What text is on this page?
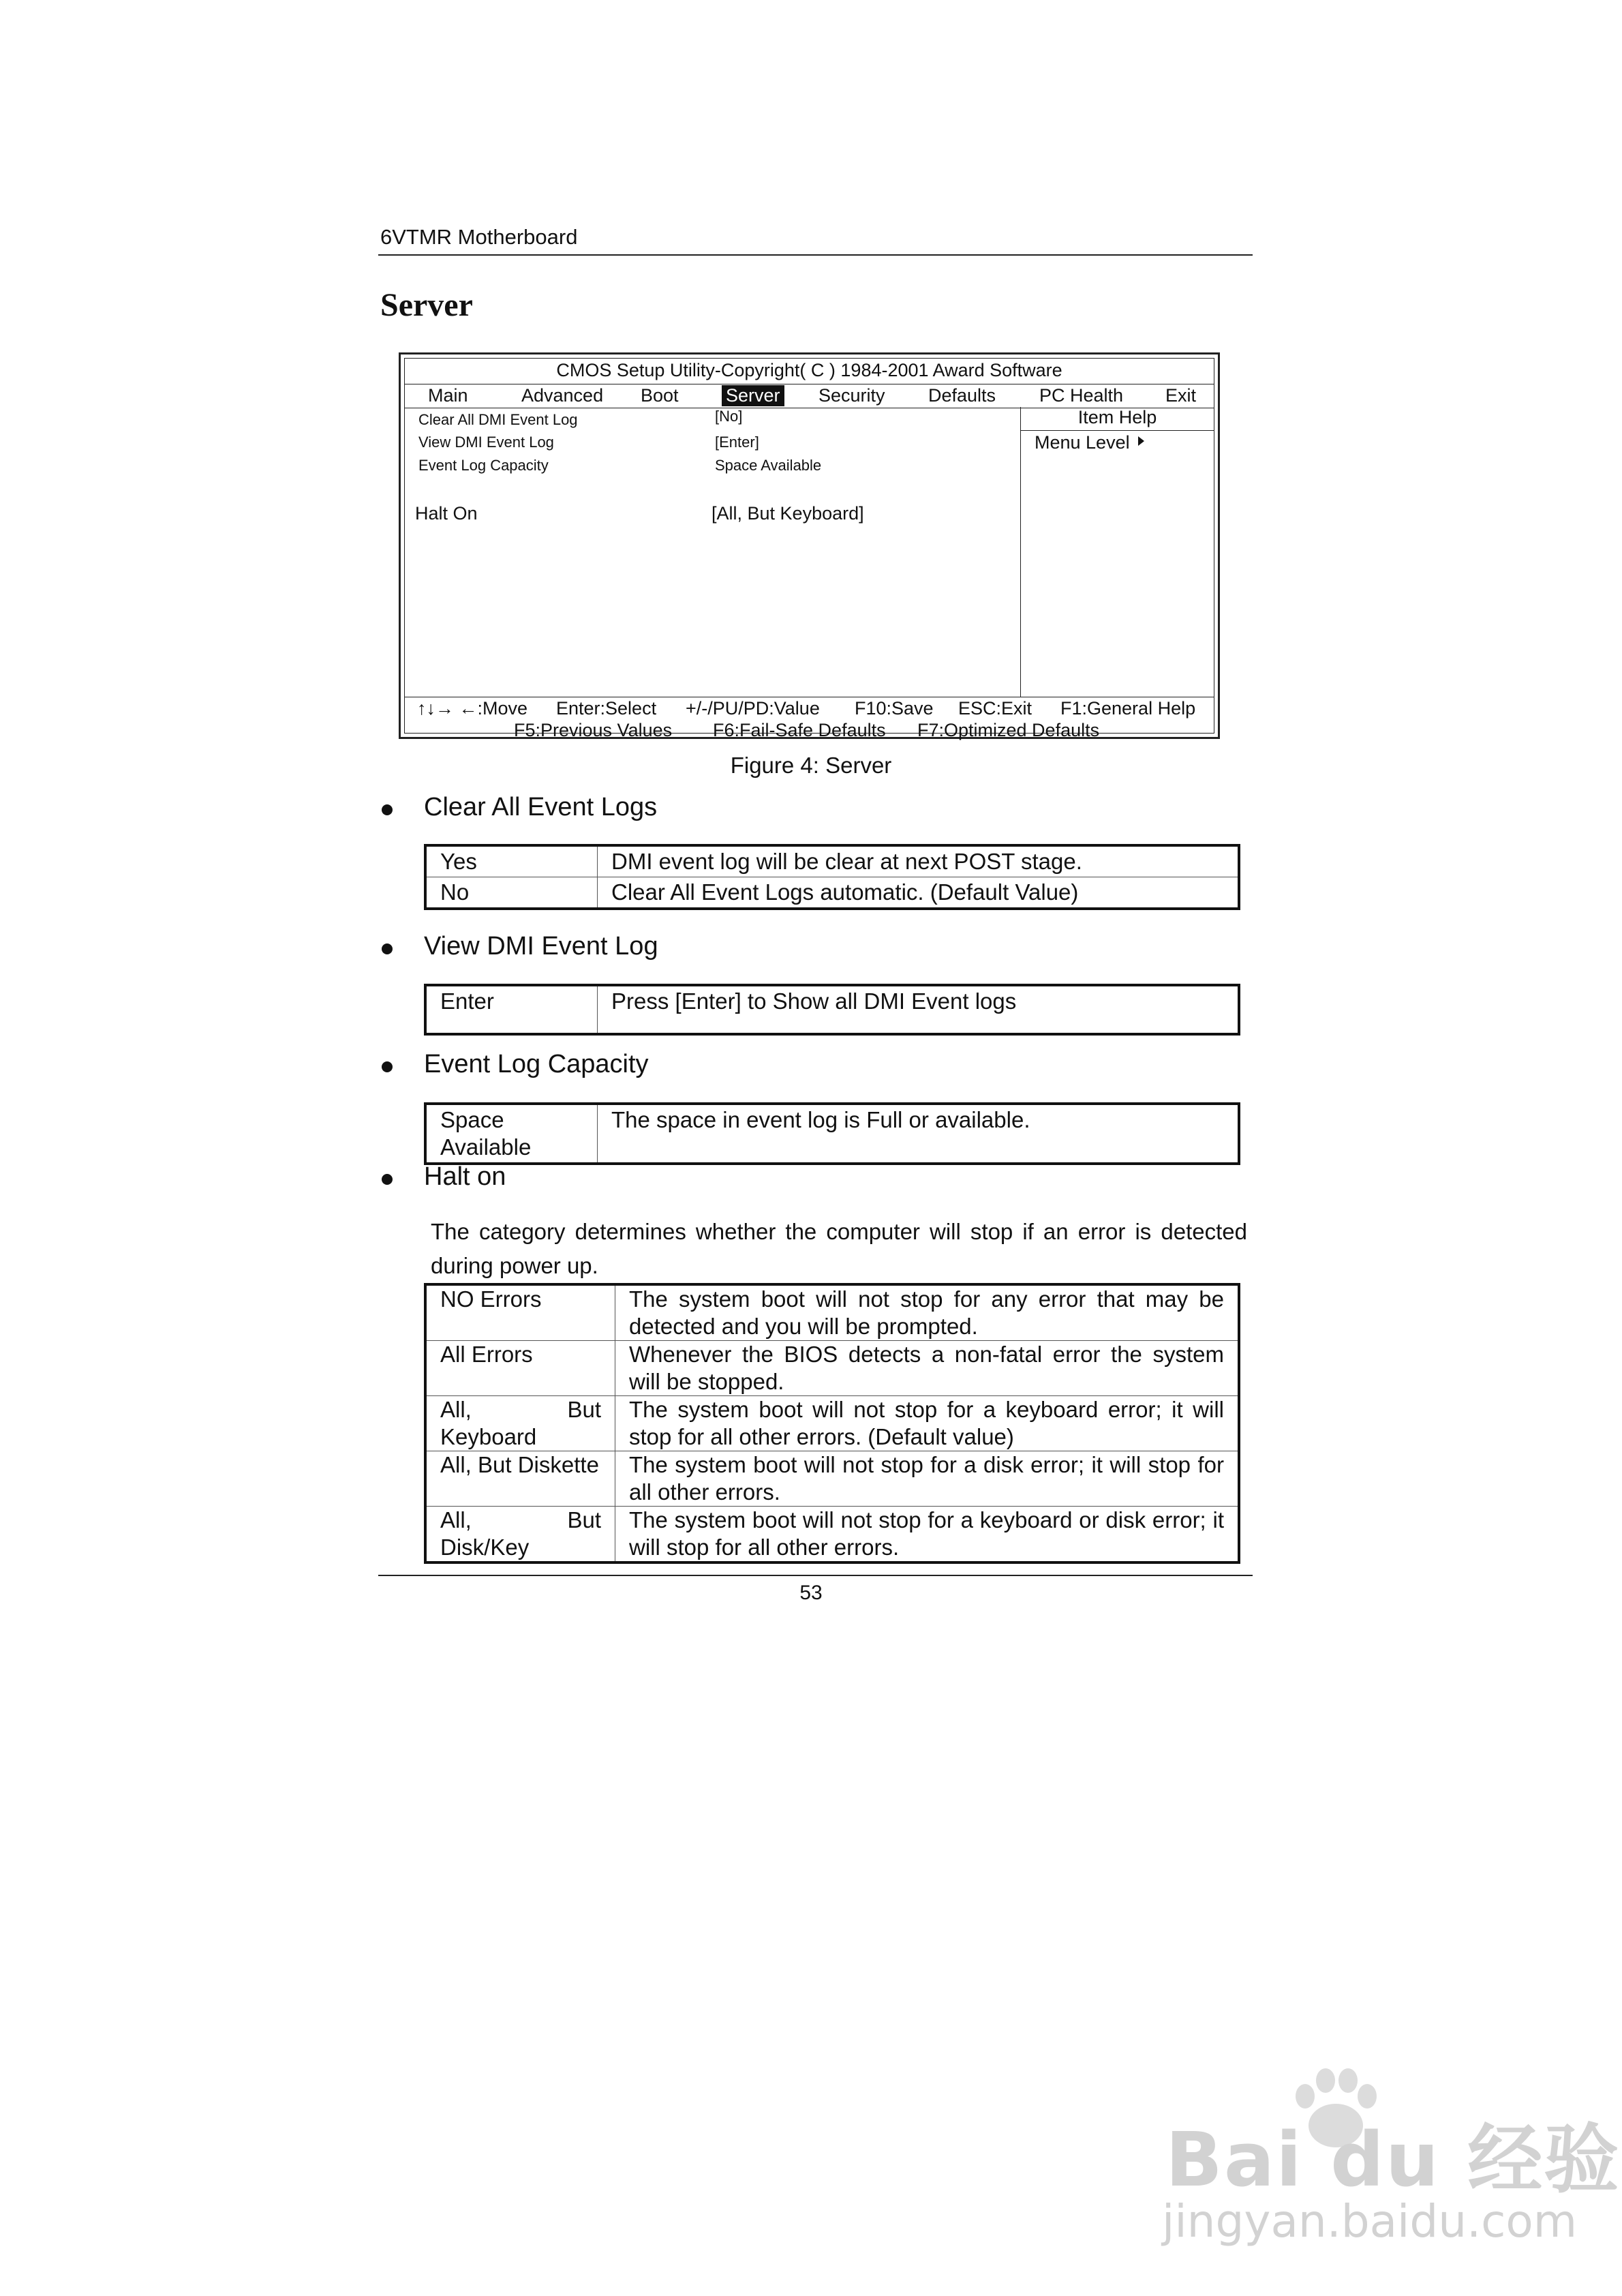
6VTMR Motherboard
Server
CMOS Setup Utility-Copyright( C ) 1984-2001 Award Software
Main	Advanced Boot	Server Security Defaults PC Health Exit
Clear All DMI Event Log	[No]
View DMI Event Log	[Enter]
Event Log Capacity	Space Available
Halt On	[All, But Keyboard]
Item Help
Menu Level
↑↓→ ←:Move Enter:Select +/-/PU/PD:Value F10:Save ESC:Exit F1:General Help
F5:Previous Values F6:Fail-Safe Defaults F7:Optimized Defaults
Figure 4: Server
Clear All Event Logs
Yes	DMI event log will be clear at next POST stage.
No	Clear All Event Logs automatic. (Default Value)
View DMI Event Log
Enter	Press [Enter] to Show all DMI Event logs
Event Log Capacity
Space Available	The space in event log is Full or available.
Halt on
The category determines whether the computer will stop if an error is detected during power up.
NO Errors	The system boot will not stop for any error that may be detected and you will be prompted.
All Errors	Whenever the BIOS detects a non-fatal error the system will be stopped.
All, But Keyboard	The system boot will not stop for a keyboard error; it will stop for all other errors. (Default value)
All, But Diskette	The system boot will not stop for a disk error; it will stop for all other errors.
All, But Disk/Key	The system boot will not stop for a keyboard or disk error; it will stop for all other errors.
53
Bai du 经验
jingyan.baidu.com
